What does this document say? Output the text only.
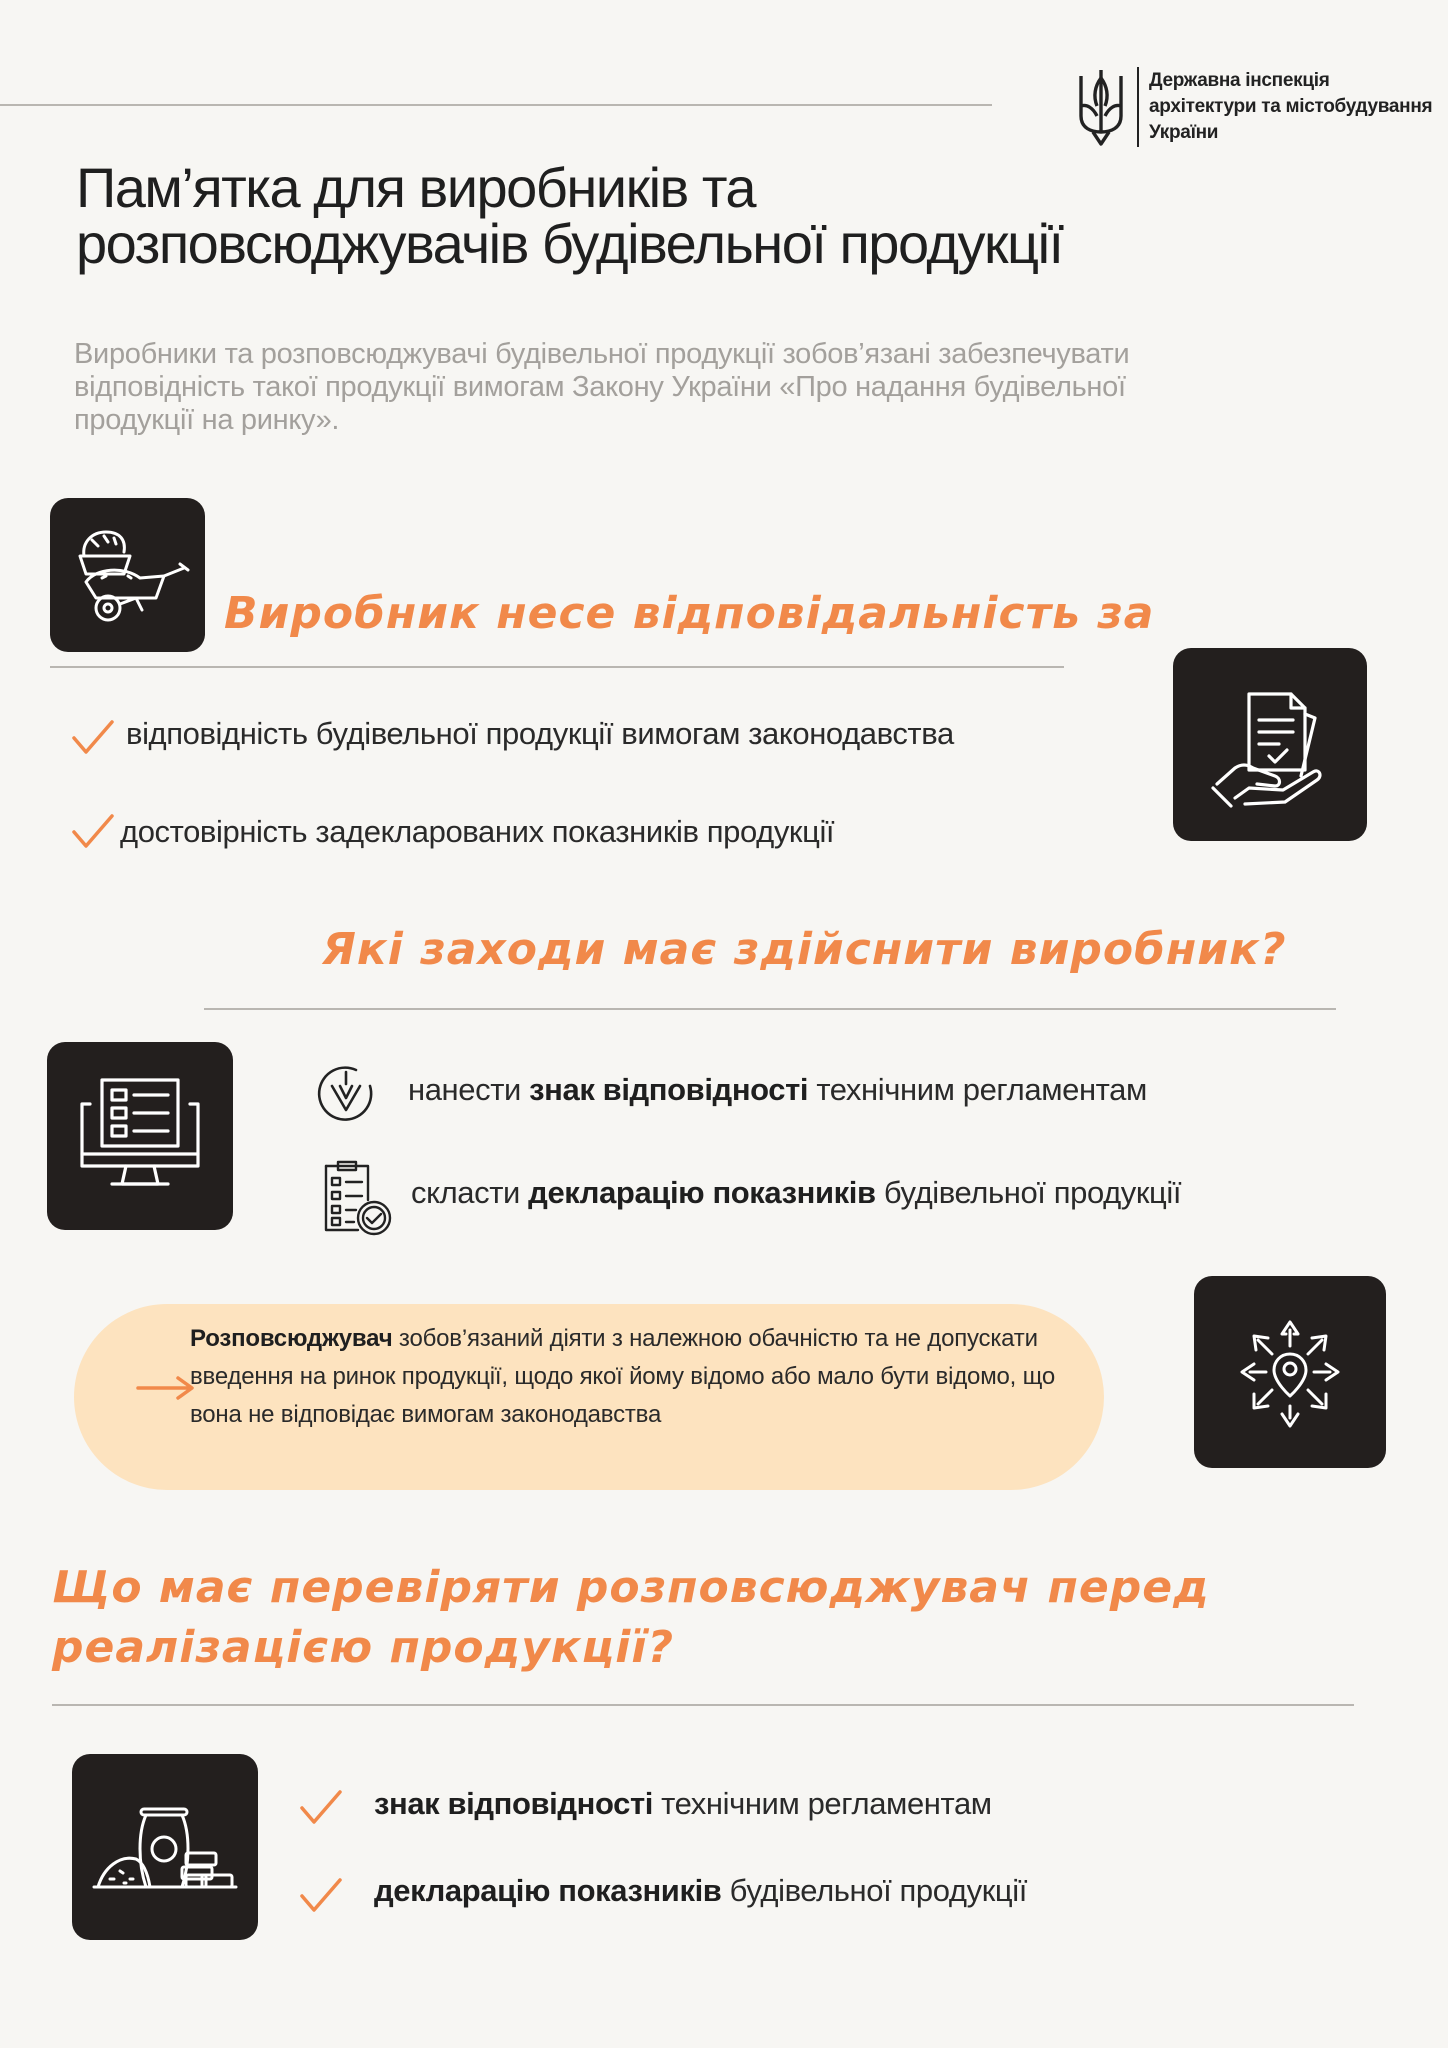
Державна інспекція
архітектури та містобудування
України
Пам’ятка для виробників та розповсюджувачів будівельної продукції
Виробники та розповсюджувачі будівельної продукції зобов’язані забезпечувати відповідність такої продукції вимогам Закону України «Про надання будівельної продукції на ринку».
Виробник несе відповідальність за
відповідність будівельної продукції вимогам законодавства
достовірність задекларованих показників продукції
Які заходи має здійснити виробник?
нанести знак відповідності технічним регламентам
скласти декларацію показників будівельної продукції
Розповсюджувач зобов’язаний діяти з належною обачністю та не допускати введення на ринок продукції, щодо якої йому відомо або мало бути відомо, що вона не відповідає вимогам законодавства
Що має перевіряти розповсюджувач перед
реалізацією продукції?
знак відповідності технічним регламентам
декларацію показників будівельної продукції
